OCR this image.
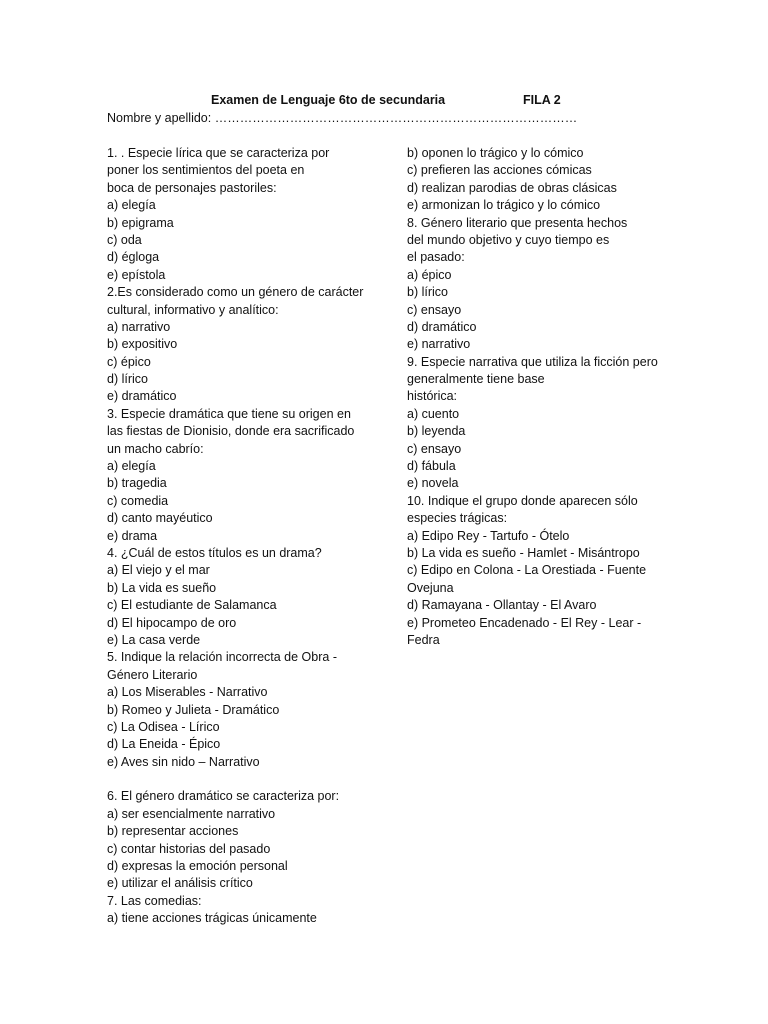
Examen de Lenguaje 6to de secundaria	FILA 2
Nombre y apellido: ……………………………………………………………………………
1. . Especie lírica que se caracteriza por
poner los sentimientos del poeta en
boca de personajes pastoriles:
a) elegía
b) epigrama
c) oda
d) égloga
e) epístola
2.Es considerado como un género de carácter
cultural, informativo y analítico:
a) narrativo
b) expositivo
c) épico
d) lírico
e) dramático
3. Especie dramática que tiene su origen en
las fiestas de Dionisio, donde era sacrificado
un macho cabrío:
a) elegía
b) tragedia
c) comedia
d) canto mayéutico
e) drama
4. ¿Cuál de estos títulos es un drama?
a) El viejo y el mar
b) La vida es sueño
c) El estudiante de Salamanca
d) El hipocampo de oro
e) La casa verde
5. Indique la relación incorrecta de Obra -
Género Literario
a) Los Miserables - Narrativo
b) Romeo y Julieta - Dramático
c) La Odisea - Lírico
d) La Eneida - Épico
e) Aves sin nido – Narrativo
6. El género dramático se caracteriza por:
a) ser esencialmente narrativo
b) representar acciones
c) contar historias del pasado
d) expresas la emoción personal
e) utilizar el análisis crítico
7. Las comedias:
a) tiene acciones trágicas únicamente
b) oponen lo trágico y lo cómico
c) prefieren las acciones cómicas
d) realizan parodias de obras clásicas
e) armonizan lo trágico y lo cómico
8. Género literario que presenta hechos
del mundo objetivo y cuyo tiempo es
el pasado:
a) épico
b) lírico
c) ensayo
d) dramático
e) narrativo
9. Especie narrativa que utiliza la ficción pero
generalmente tiene base
histórica:
a) cuento
b) leyenda
c) ensayo
d) fábula
e) novela
10. Indique el grupo donde aparecen sólo
especies trágicas:
a) Edipo Rey - Tartufo - Ótelo
b) La vida es sueño - Hamlet - Misántropo
c) Edipo en Colona - La Orestiada - Fuente
Ovejuna
d) Ramayana - Ollantay - El Avaro
e) Prometeo Encadenado - El Rey - Lear -
Fedra
